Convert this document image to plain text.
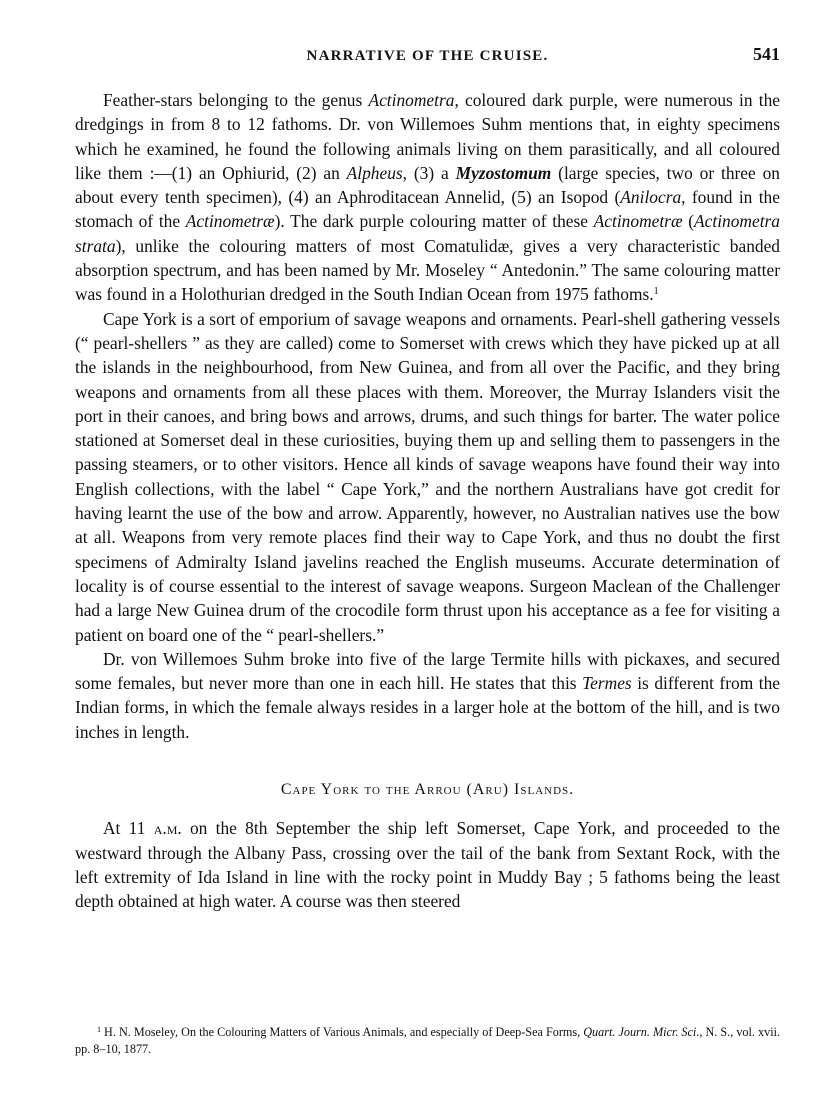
NARRATIVE OF THE CRUISE.	541

Feather-stars belonging to the genus Actinometra, coloured dark purple, were numerous in the dredgings in from 8 to 12 fathoms. Dr. von Willemoes Suhm mentions that, in eighty specimens which he examined, he found the following animals living on them parasitically, and all coloured like them :—(1) an Ophiurid, (2) an Alpheus, (3) a Myzostomum (large species, two or three on about every tenth specimen), (4) an Aphroditacean Annelid, (5) an Isopod (Anilocra, found in the stomach of the Actinometræ). The dark purple colouring matter of these Actinometræ (Actinometra strata), unlike the colouring matters of most Comatulidæ, gives a very characteristic banded absorption spectrum, and has been named by Mr. Moseley “ Antedonin.” The same colouring matter was found in a Holothurian dredged in the South Indian Ocean from 1975 fathoms.$^1$

Cape York is a sort of emporium of savage weapons and ornaments. Pearl-shell gathering vessels (“ pearl-shellers ” as they are called) come to Somerset with crews which they have picked up at all the islands in the neighbourhood, from New Guinea, and from all over the Pacific, and they bring weapons and ornaments from all these places with them. Moreover, the Murray Islanders visit the port in their canoes, and bring bows and arrows, drums, and such things for barter. The water police stationed at Somerset deal in these curiosities, buying them up and selling them to passengers in the passing steamers, or to other visitors. Hence all kinds of savage weapons have found their way into English collections, with the label “ Cape York,” and the northern Australians have got credit for having learnt the use of the bow and arrow. Apparently, however, no Australian natives use the bow at all. Weapons from very remote places find their way to Cape York, and thus no doubt the first specimens of Admiralty Island javelins reached the English museums. Accurate determination of locality is of course essential to the interest of savage weapons. Surgeon Maclean of the Challenger had a large New Guinea drum of the crocodile form thrust upon his acceptance as a fee for visiting a patient on board one of the “ pearl-shellers.”

Dr. von Willemoes Suhm broke into five of the large Termite hills with pickaxes, and secured some females, but never more than one in each hill. He states that this Termes is different from the Indian forms, in which the female always resides in a larger hole at the bottom of the hill, and is two inches in length.

Cape York to the Arrou (Aru) Islands.

At 11 a.m. on the 8th September the ship left Somerset, Cape York, and proceeded to the westward through the Albany Pass, crossing over the tail of the bank from Sextant Rock, with the left extremity of Ida Island in line with the rocky point in Muddy Bay ; 5 fathoms being the least depth obtained at high water. A course was then steered

$^1$ H. N. Moseley, On the Colouring Matters of Various Animals, and especially of Deep-Sea Forms, Quart. Journ. Micr. Sci., N. S., vol. xvii. pp. 8–10, 1877.
